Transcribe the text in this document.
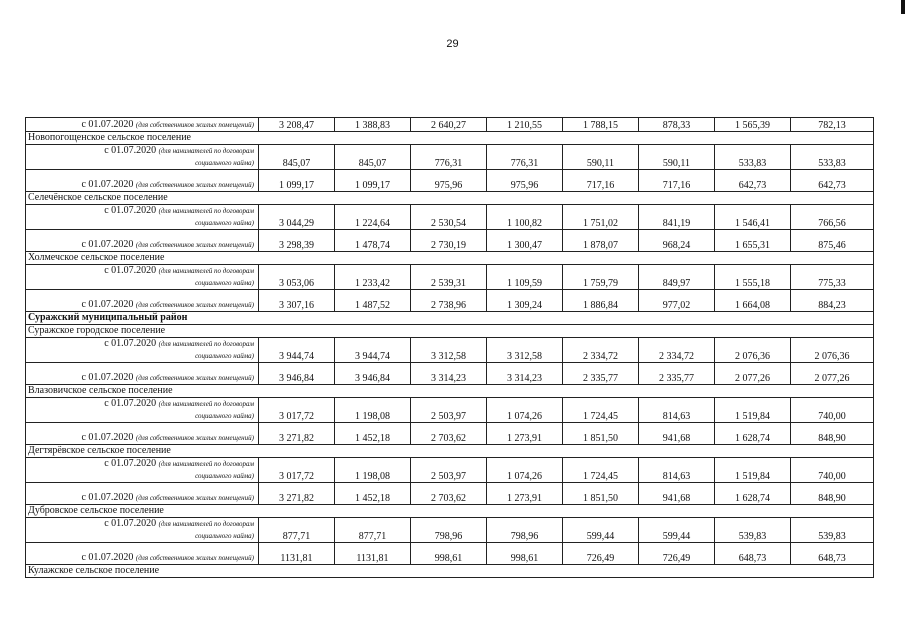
29
с 01.07.2020 (для собственников жилых помещений)	3 208,47	1 388,83	2 640,27	1 210,55	1 788,15	878,33	1 565,39	782,13	
Новопогощенское сельское поселение									
с 01.07.2020 (для нанимателей по договорам
социального найма)	845,07	845,07	776,31	776,31	590,11	590,11	533,83	533,83	
с 01.07.2020 (для собственников жилых помещений)	1 099,17	1 099,17	975,96	975,96	717,16	717,16	642,73	642,73	
Селечёнское сельское поселение									
с 01.07.2020 (для нанимателей по договорам
социального найма)	3 044,29	1 224,64	2 530,54	1 100,82	1 751,02	841,19	1 546,41	766,56	
с 01.07.2020 (для собственников жилых помещений)	3 298,39	1 478,74	2 730,19	1 300,47	1 878,07	968,24	1 655,31	875,46	
Холмечское сельское поселение									
с 01.07.2020 (для нанимателей по договорам
социального найма)	3 053,06	1 233,42	2 539,31	1 109,59	1 759,79	849,97	1 555,18	775,33	
с 01.07.2020 (для собственников жилых помещений)	3 307,16	1 487,52	2 738,96	1 309,24	1 886,84	977,02	1 664,08	884,23	
Суражский муниципальный район									
Суражское городское поселение									
с 01.07.2020 (для нанимателей по договорам
социального найма)	3 944,74	3 944,74	3 312,58	3 312,58	2 334,72	2 334,72	2 076,36	2 076,36	
с 01.07.2020 (для собственников жилых помещений)	3 946,84	3 946,84	3 314,23	3 314,23	2 335,77	2 335,77	2 077,26	2 077,26	
Влазовичское сельское поселение									
с 01.07.2020 (для нанимателей по договорам
социального найма)	3 017,72	1 198,08	2 503,97	1 074,26	1 724,45	814,63	1 519,84	740,00	
с 01.07.2020 (для собственников жилых помещений)	3 271,82	1 452,18	2 703,62	1 273,91	1 851,50	941,68	1 628,74	848,90	
Дегтярёвское сельское поселение									
с 01.07.2020 (для нанимателей по договорам
социального найма)	3 017,72	1 198,08	2 503,97	1 074,26	1 724,45	814,63	1 519,84	740,00	
с 01.07.2020 (для собственников жилых помещений)	3 271,82	1 452,18	2 703,62	1 273,91	1 851,50	941,68	1 628,74	848,90	
Дубровское сельское поселение									
с 01.07.2020 (для нанимателей по договорам
социального найма)	877,71	877,71	798,96	798,96	599,44	599,44	539,83	539,83	
с 01.07.2020 (для собственников жилых помещений)	1131,81	1131,81	998,61	998,61	726,49	726,49	648,73	648,73	
Кулажское сельское поселение									
